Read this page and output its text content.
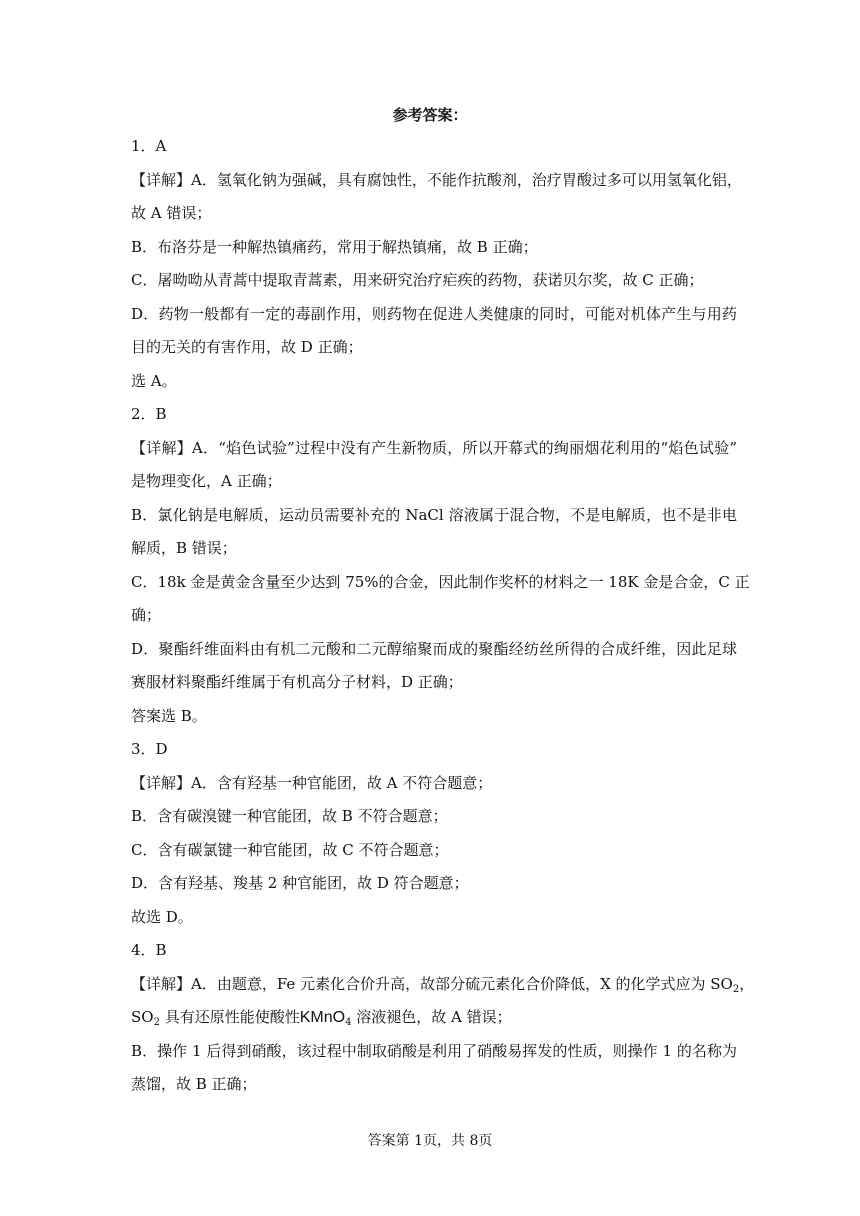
参考答案：
1．A
【详解】A．氢氧化钠为强碱，具有腐蚀性，不能作抗酸剂，治疗胃酸过多可以用氢氧化铝，
故 A 错误；
B．布洛芬是一种解热镇痛药，常用于解热镇痛，故 B 正确；
C．屠呦呦从青蒿中提取青蒿素，用来研究治疗疟疾的药物，获诺贝尔奖，故 C 正确；
D．药物一般都有一定的毒副作用，则药物在促进人类健康的同时，可能对机体产生与用药
目的无关的有害作用，故 D 正确；
选 A。
2．B
【详解】A．“焰色试验”过程中没有产生新物质，所以开幕式的绚丽烟花利用的“焰色试验”
是物理变化，A 正确；
B．氯化钠是电解质，运动员需要补充的 NaCl 溶液属于混合物，不是电解质，也不是非电
解质，B 错误；
C．18k 金是黄金含量至少达到 75%的合金，因此制作奖杯的材料之一 18K 金是合金，C 正
确；
D．聚酯纤维面料由有机二元酸和二元醇缩聚而成的聚酯经纺丝所得的合成纤维，因此足球
赛服材料聚酯纤维属于有机高分子材料，D 正确；
答案选 B。
3．D
【详解】A．含有羟基一种官能团，故 A 不符合题意；
B．含有碳溴键一种官能团，故 B 不符合题意；
C．含有碳氯键一种官能团，故 C 不符合题意；
D．含有羟基、羧基 2 种官能团，故 D 符合题意；
故选 D。
4．B
【详解】A．由题意，Fe 元素化合价升高，故部分硫元素化合价降低，X 的化学式应为 $SO_2$，
$SO_2$ 具有还原性能使酸性KMnO$_4$ 溶液褪色，故 A 错误；
B．操作 1 后得到硝酸，该过程中制取硝酸是利用了硝酸易挥发的性质，则操作 1 的名称为
蒸馏，故 B 正确；
答案第 1页，共 8页
